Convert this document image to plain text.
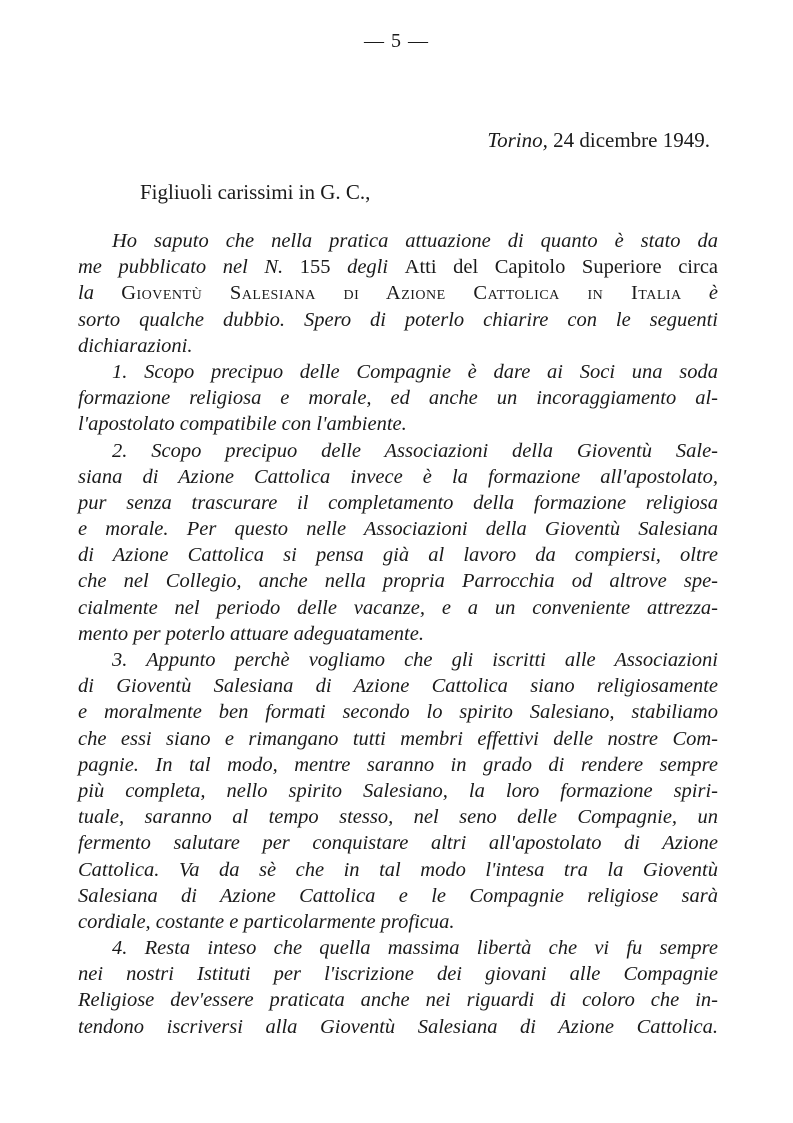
— 5 —
Torino, 24 dicembre 1949.
Figliuoli carissimi in G. C.,
Ho saputo che nella pratica attuazione di quanto è stato da
me pubblicato nel N. 155 degli Atti del Capitolo Superiore circa
la Gioventù Salesiana di Azione Cattolica in Italia è
sorto qualche dubbio. Spero di poterlo chiarire con le seguenti
dichiarazioni.
1. Scopo precipuo delle Compagnie è dare ai Soci una soda
formazione religiosa e morale, ed anche un incoraggiamento al-
l'apostolato compatibile con l'ambiente.
2. Scopo precipuo delle Associazioni della Gioventù Sale-
siana di Azione Cattolica invece è la formazione all'apostolato,
pur senza trascurare il completamento della formazione religiosa
e morale. Per questo nelle Associazioni della Gioventù Salesiana
di Azione Cattolica si pensa già al lavoro da compiersi, oltre
che nel Collegio, anche nella propria Parrocchia od altrove spe-
cialmente nel periodo delle vacanze, e a un conveniente attrezza-
mento per poterlo attuare adeguatamente.
3. Appunto perchè vogliamo che gli iscritti alle Associazioni
di Gioventù Salesiana di Azione Cattolica siano religiosamente
e moralmente ben formati secondo lo spirito Salesiano, stabiliamo
che essi siano e rimangano tutti membri effettivi delle nostre Com-
pagnie. In tal modo, mentre saranno in grado di rendere sempre
più completa, nello spirito Salesiano, la loro formazione spiri-
tuale, saranno al tempo stesso, nel seno delle Compagnie, un
fermento salutare per conquistare altri all'apostolato di Azione
Cattolica. Va da sè che in tal modo l'intesa tra la Gioventù
Salesiana di Azione Cattolica e le Compagnie religiose sarà
cordiale, costante e particolarmente proficua.
4. Resta inteso che quella massima libertà che vi fu sempre
nei nostri Istituti per l'iscrizione dei giovani alle Compagnie
Religiose dev'essere praticata anche nei riguardi di coloro che in-
tendono iscriversi alla Gioventù Salesiana di Azione Cattolica.
